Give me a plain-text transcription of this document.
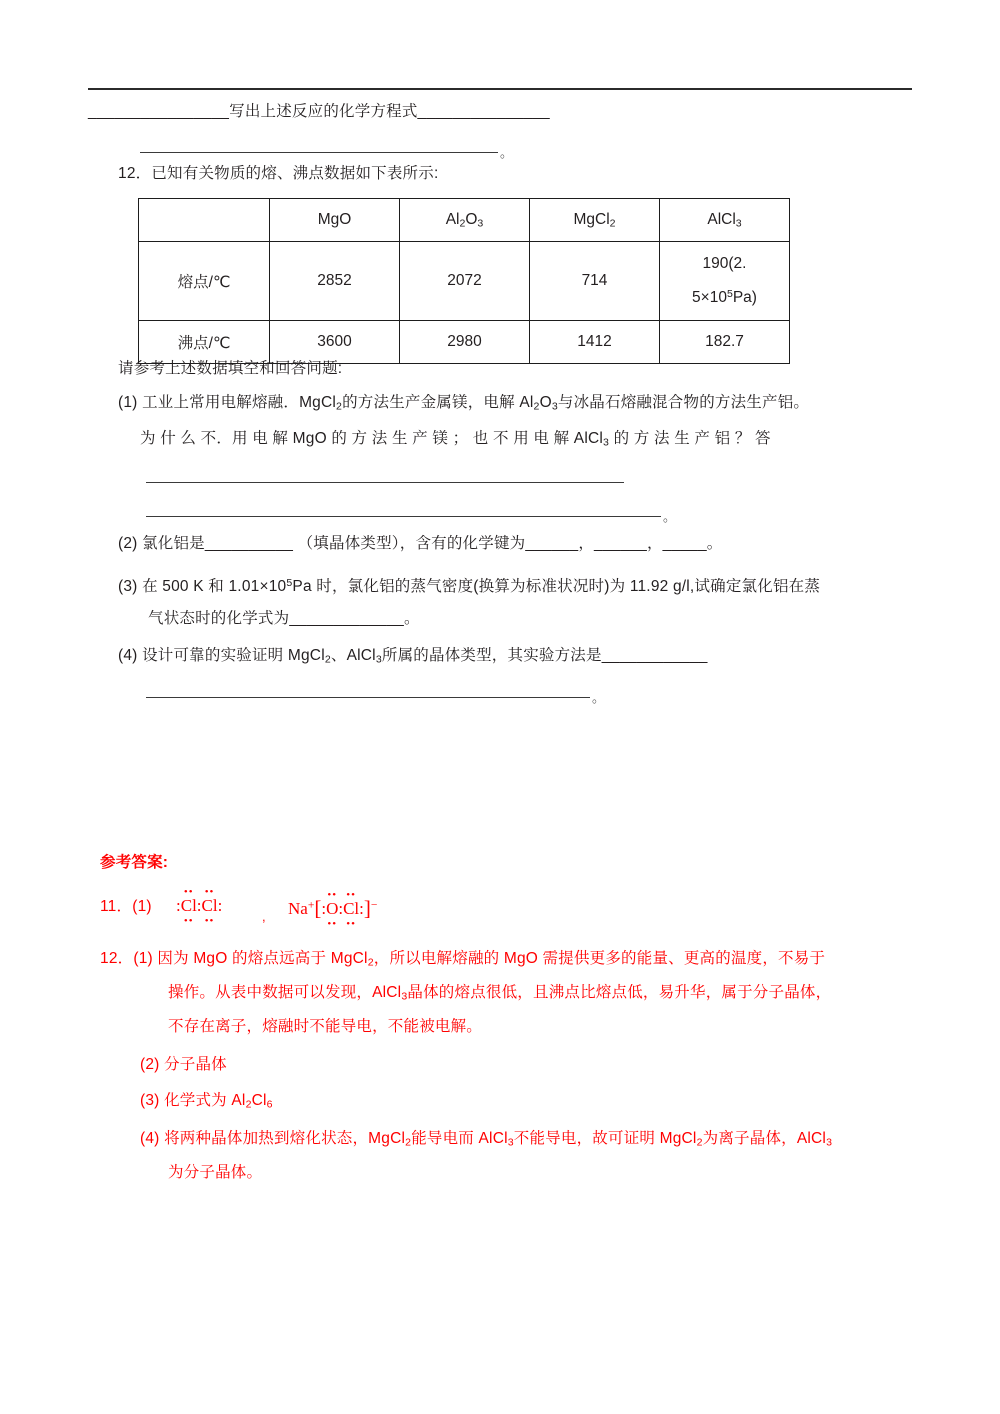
________________写出上述反应的化学方程式_______________
。
12．已知有关物质的熔、沸点数据如下表所示:
	MgO	$Al_2O_3$	MgCl$_2$	AlCl$_3$
熔点/℃	2852	2072	714	190(2.
$5\times 10^5Pa$)

沸点/℃	3600	2980	1412	182.7
请参考上述数据填空和回答问题:
(1) 工业上常用电解熔融．MgCl$_2$的方法生产金属镁，电解 $Al_2O_3$与冰晶石熔融混合物的方法生产铝。
为 什 么 不．用 电 解 MgO 的 方 法 生 产 镁 ； 也 不 用 电 解 AlCl$_3$ 的 方 法 生 产 铝 ？ 答
。
(2) 氯化铝是__________ （填晶体类型），含有的化学键为______，______，_____。
(3) 在 500 K 和 $1.01\times 10^5Pa$ 时，氯化铝的蒸气密度(换算为标准状况时)为 11.92 g/l,试确定氯化铝在蒸
气状态时的化学式为_____________。
(4) 设计可靠的实验证明 MgCl$_2$、AlCl$_3$所属的晶体类型，其实验方法是____________
。
参考答案:
11．(1) :
••
Cl
••
:
••
Cl
••
:
, Na+[:
••
O
••
:
••
Cl
••
:]−
12．(1) 因为 MgO 的熔点远高于 MgCl$_2$，所以电解熔融的 MgO 需提供更多的能量、更高的温度，不易于
操作。从表中数据可以发现，AlCl$_3$晶体的熔点很低，且沸点比熔点低，易升华，属于分子晶体，
不存在离子，熔融时不能导电，不能被电解。
(2) 分子晶体
(3) 化学式为 $Al_2Cl_6$
(4) 将两种晶体加热到熔化状态，MgCl$_2$能导电而 AlCl$_3$不能导电，故可证明 MgCl$_2$为离子晶体，AlCl$_3$
为分子晶体。
